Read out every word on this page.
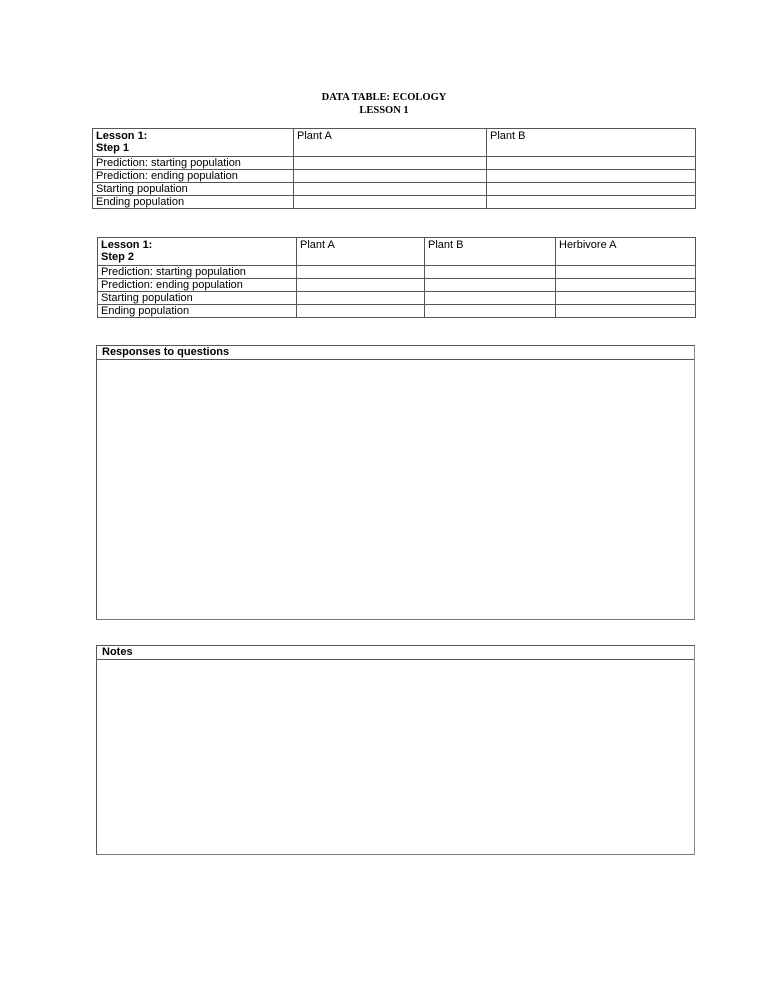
DATA TABLE: ECOLOGY
LESSON 1
Lesson 1:
Step 1	Plant A	Plant B
Prediction: starting population		
Prediction: ending population		
Starting population		
Ending population		
Lesson 1:
Step 2	Plant A	Plant B	Herbivore A
Prediction: starting population			
Prediction: ending population			
Starting population			
Ending population			
Responses to questions
Notes
